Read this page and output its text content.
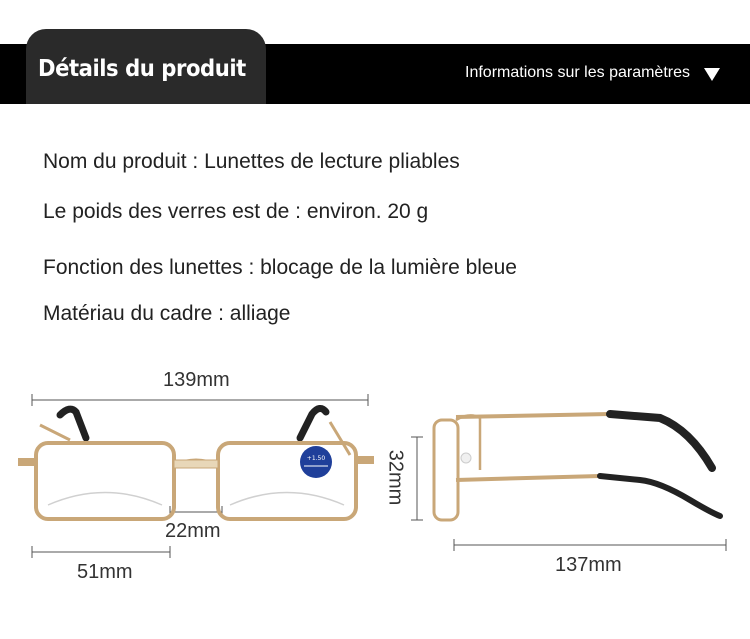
Détails du produit	Informations sur les paramètres
Nom du produit : Lunettes de lecture pliables
Le poids des verres est de : environ. 20 g
Fonction des lunettes : blocage de la lumière bleue
Matériau du cadre : alliage
+1.50
139mm
22mm
51mm
32mm
137mm
